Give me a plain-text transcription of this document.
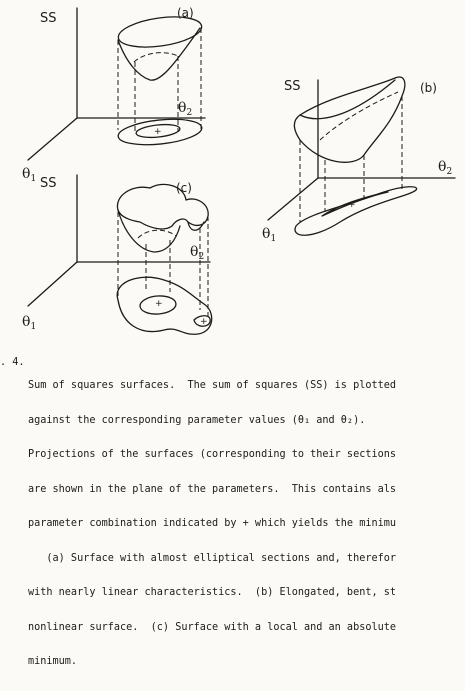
SS	(a)
$\theta_2$
$\theta_1$
+
SS	(b)
$\theta_2$
$\theta_1$
+
SS	(c)
$\theta_2$
$\theta_1$
+
+

. 4.

Sum of squares surfaces.  The sum of squares (SS) is plotted

against the corresponding parameter values (θ₁ and θ₂).

Projections of the surfaces (corresponding to their sections

are shown in the plane of the parameters.  This contains als

parameter combination indicated by + which yields the minimu

(a) Surface with almost elliptical sections and, therefor

with nearly linear characteristics.  (b) Elongated, bent, st

nonlinear surface.  (c) Surface with a local and an absolute

minimum.
